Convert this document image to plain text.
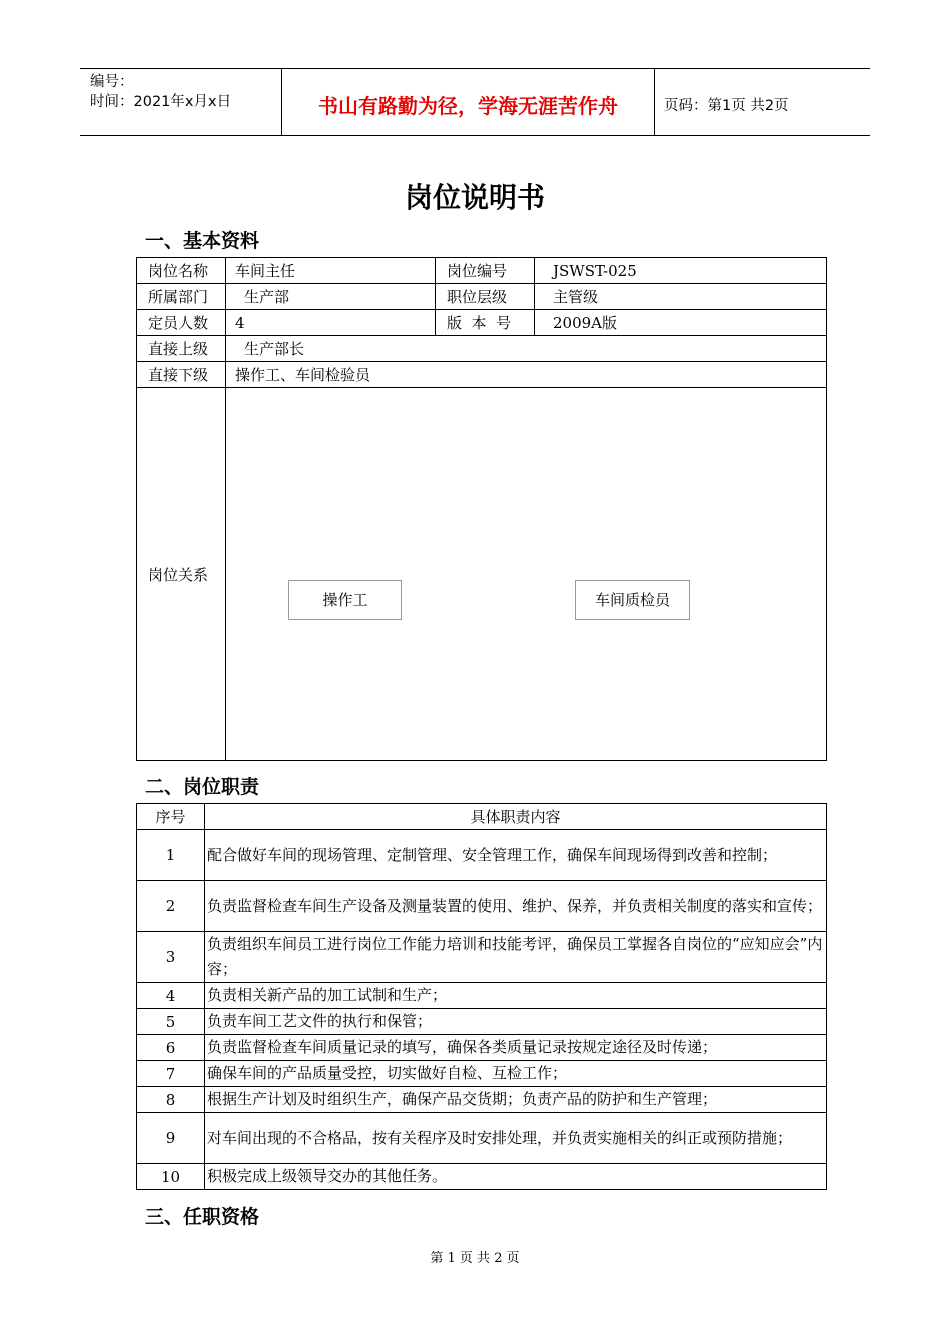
编号：
时间：2021年x月x日	书山有路勤为径，学海无涯苦作舟	页码：第1页 共2页
岗位说明书
一、基本资料
岗位名称	车间主任	岗位编号	JSWST-025
所属部门	生产部	职位层级	主管级
定员人数	4	版  本  号	2009A版
直接上级	生产部长		
直接下级	操作工、车间检验员		
岗位关系	操作工 车间质检员		
二、岗位职责
序号	具体职责内容
1	配合做好车间的现场管理、定制管理、安全管理工作，确保车间现场得到改善和控制；
2	负责监督检查车间生产设备及测量装置的使用、维护、保养，并负责相关制度的落实和宣传；
3	负责组织车间员工进行岗位工作能力培训和技能考评，确保员工掌握各自岗位的“应知应会”内容；
4	负责相关新产品的加工试制和生产；
5	负责车间工艺文件的执行和保管；
6	负责监督检查车间质量记录的填写，确保各类质量记录按规定途径及时传递；
7	确保车间的产品质量受控，切实做好自检、互检工作；
8	根据生产计划及时组织生产，确保产品交货期；负责产品的防护和生产管理；
9	对车间出现的不合格品，按有关程序及时安排处理，并负责实施相关的纠正或预防措施；
10	积极完成上级领导交办的其他任务。
三、任职资格
第 1 页 共 2 页
